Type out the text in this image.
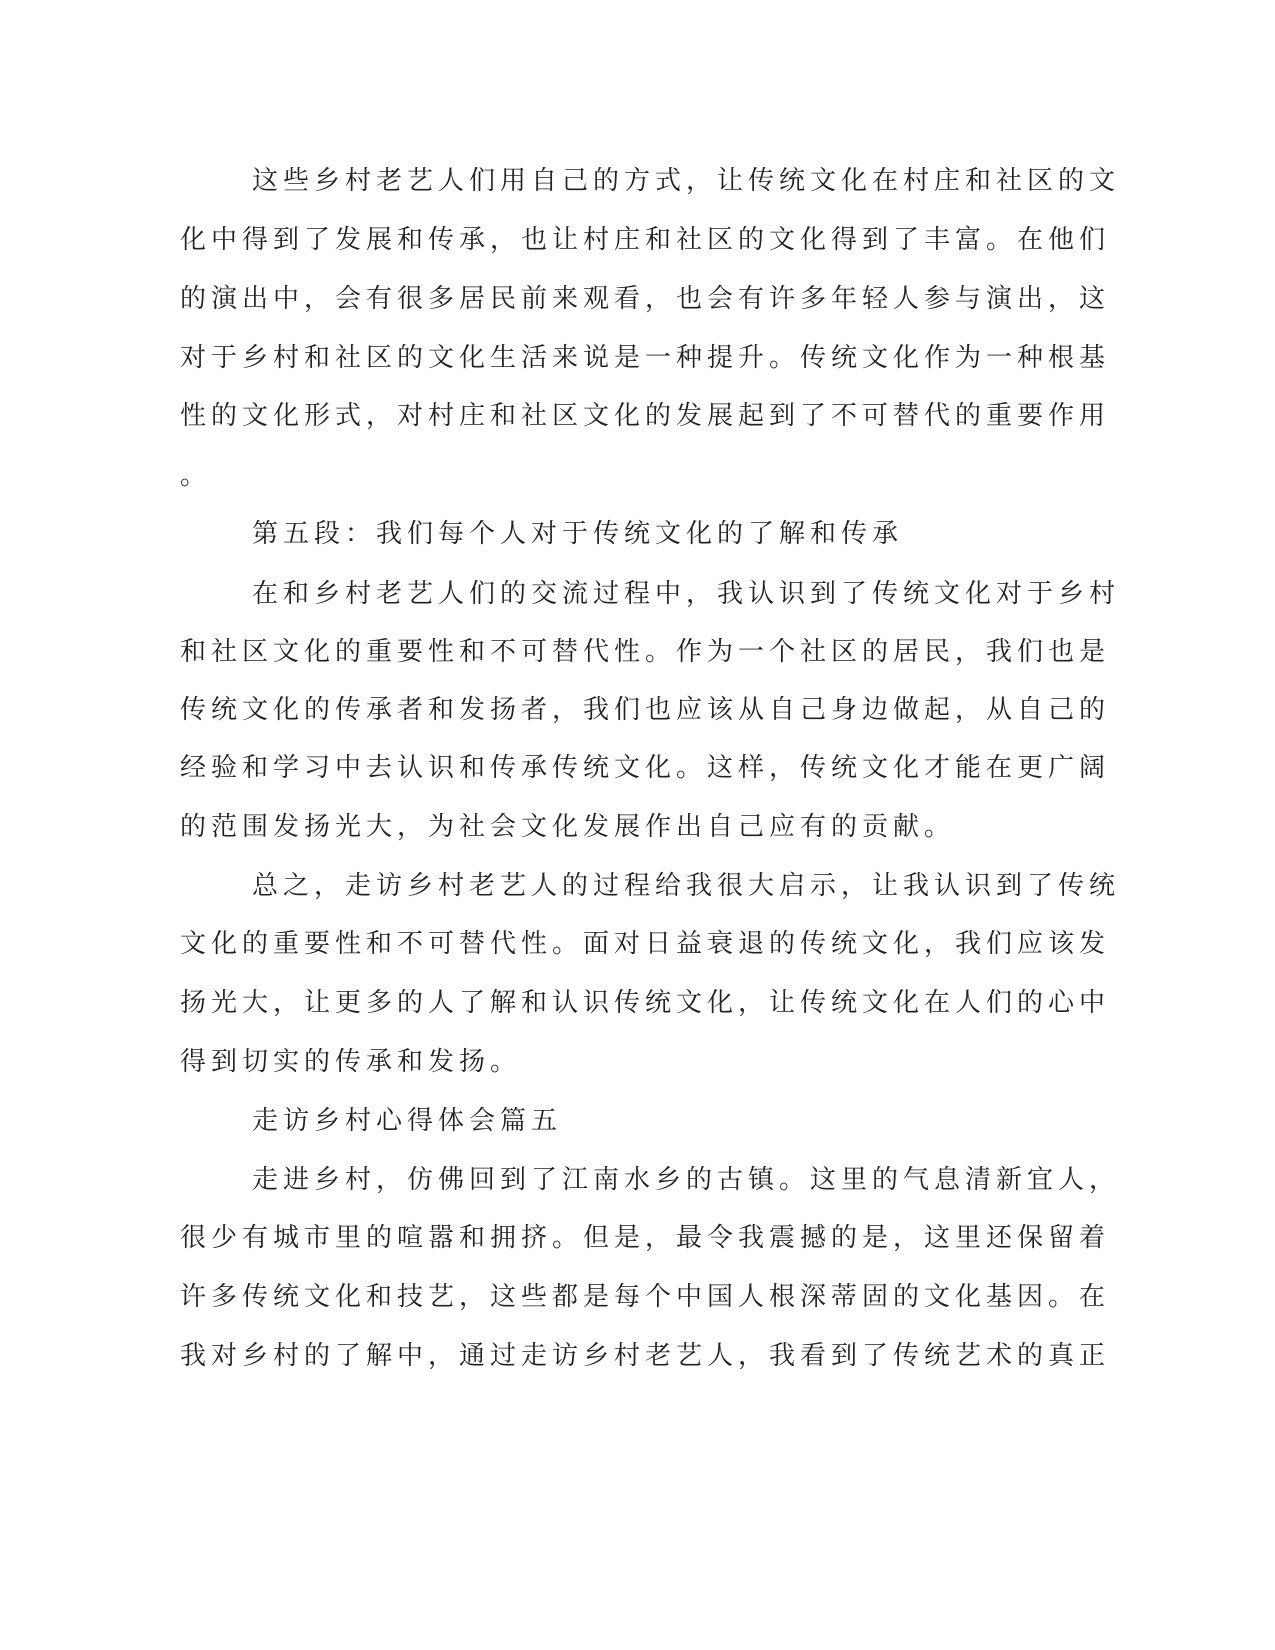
这些乡村老艺人们用自己的方式，让传统文化在村庄和社区的文
化中得到了发展和传承，也让村庄和社区的文化得到了丰富。在他们
的演出中，会有很多居民前来观看，也会有许多年轻人参与演出，这
对于乡村和社区的文化生活来说是一种提升。传统文化作为一种根基
性的文化形式，对村庄和社区文化的发展起到了不可替代的重要作用
。
第五段：我们每个人对于传统文化的了解和传承
在和乡村老艺人们的交流过程中，我认识到了传统文化对于乡村
和社区文化的重要性和不可替代性。作为一个社区的居民，我们也是
传统文化的传承者和发扬者，我们也应该从自己身边做起，从自己的
经验和学习中去认识和传承传统文化。这样，传统文化才能在更广阔
的范围发扬光大，为社会文化发展作出自己应有的贡献。
总之，走访乡村老艺人的过程给我很大启示，让我认识到了传统
文化的重要性和不可替代性。面对日益衰退的传统文化，我们应该发
扬光大，让更多的人了解和认识传统文化，让传统文化在人们的心中
得到切实的传承和发扬。
走访乡村心得体会篇五
走进乡村，仿佛回到了江南水乡的古镇。这里的气息清新宜人，
很少有城市里的喧嚣和拥挤。但是，最令我震撼的是，这里还保留着
许多传统文化和技艺，这些都是每个中国人根深蒂固的文化基因。在
我对乡村的了解中，通过走访乡村老艺人，我看到了传统艺术的真正
